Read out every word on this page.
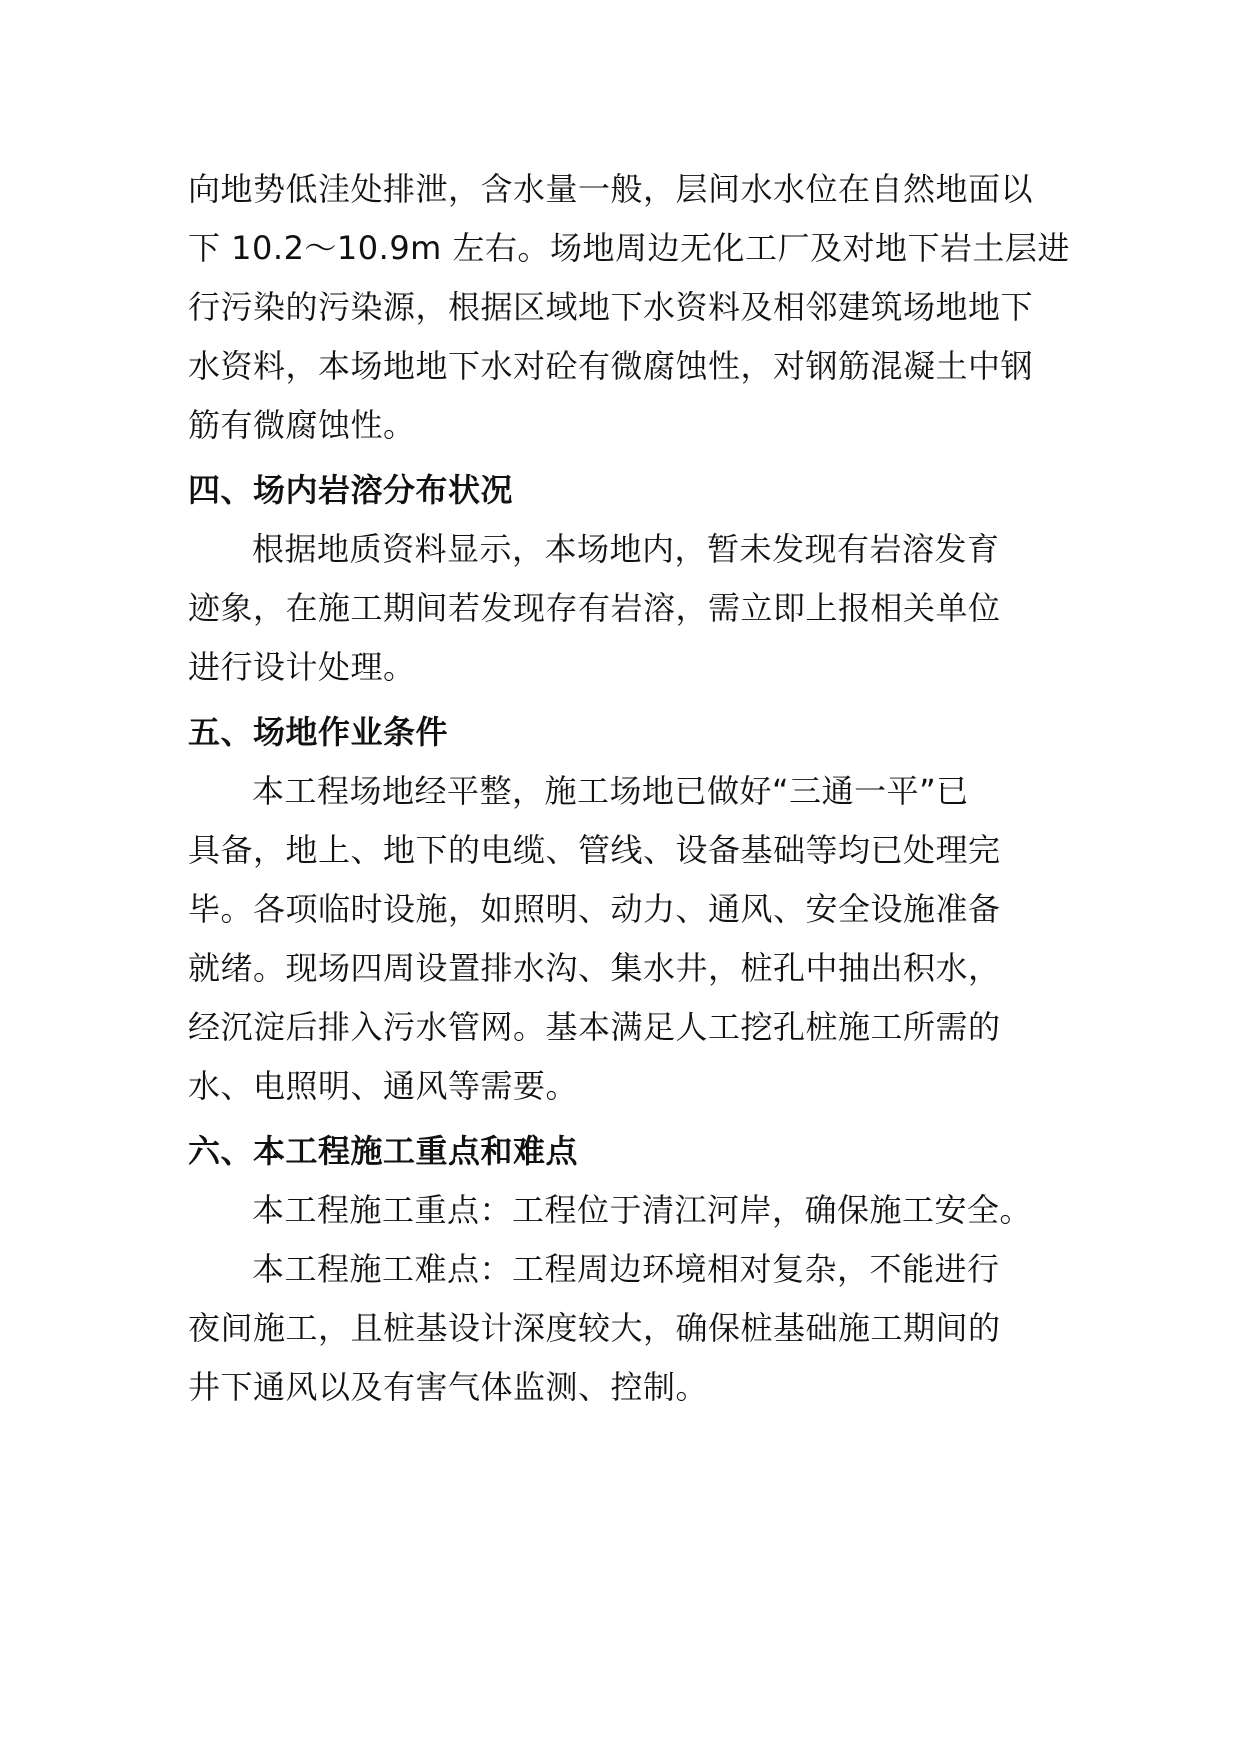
向地势低洼处排泄，含水量一般，层间水水位在自然地面以
下 10.2～10.9m 左右。场地周边无化工厂及对地下岩土层进
行污染的污染源，根据区域地下水资料及相邻建筑场地地下
水资料，本场地地下水对砼有微腐蚀性，对钢筋混凝土中钢
筋有微腐蚀性。
四、场内岩溶分布状况
根据地质资料显示，本场地内，暂未发现有岩溶发育
迹象，在施工期间若发现存有岩溶，需立即上报相关单位
进行设计处理。
五、场地作业条件
本工程场地经平整，施工场地已做好“三通一平”已
具备，地上、地下的电缆、管线、设备基础等均已处理完
毕。各项临时设施，如照明、动力、通风、安全设施准备
就绪。现场四周设置排水沟、集水井，桩孔中抽出积水，
经沉淀后排入污水管网。基本满足人工挖孔桩施工所需的
水、电照明、通风等需要。
六、本工程施工重点和难点
本工程施工重点：工程位于清江河岸，确保施工安全。
本工程施工难点：工程周边环境相对复杂，不能进行
夜间施工，且桩基设计深度较大，确保桩基础施工期间的
井下通风以及有害气体监测、控制。
